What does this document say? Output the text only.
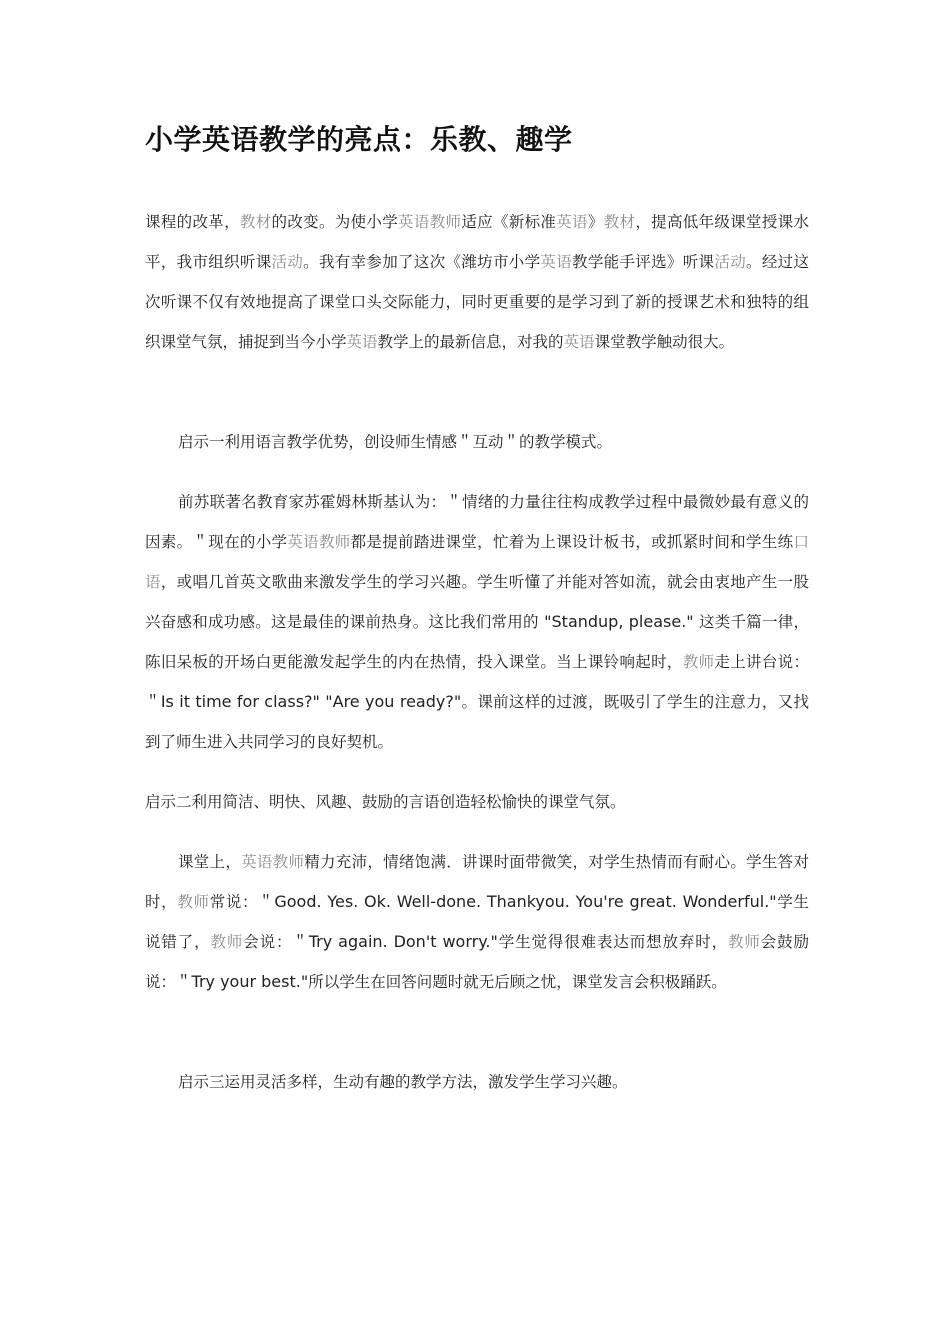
小学英语教学的亮点：乐教、趣学

课程的改革，教材的改变。为使小学英语教师适应《新标准英语》教材，提高低年级课堂授课水平，我市组织听课活动。我有幸参加了这次《潍坊市小学英语教学能手评选》听课活动。经过这次听课不仅有效地提高了课堂口头交际能力，同时更重要的是学习到了新的授课艺术和独特的组织课堂气氛，捕捉到当今小学英语教学上的最新信息，对我的英语课堂教学触动很大。

启示一利用语言教学优势，创设师生情感＂互动＂的教学模式。

前苏联著名教育家苏霍姆林斯基认为：＂情绪的力量往往构成教学过程中最微妙最有意义的因素。＂现在的小学英语教师都是提前踏进课堂，忙着为上课设计板书，或抓紧时间和学生练口语，或唱几首英文歌曲来激发学生的学习兴趣。学生听懂了并能对答如流，就会由衷地产生一股兴奋感和成功感。这是最佳的课前热身。这比我们常用的 "Standup, please." 这类千篇一律，陈旧呆板的开场白更能激发起学生的内在热情，投入课堂。当上课铃响起时，教师走上讲台说：＂Is it time for class?" "Are you ready?"。课前这样的过渡，既吸引了学生的注意力，又找到了师生进入共同学习的良好契机。

启示二利用简洁、明快、风趣、鼓励的言语创造轻松愉快的课堂气氛。

课堂上，英语教师精力充沛，情绪饱满．讲课时面带微笑，对学生热情而有耐心。学生答对时，教师常说：＂Good. Yes. Ok. Well-done. Thankyou. You're great. Wonderful."学生说错了，教师会说：＂Try again. Don't worry."学生觉得很难表达而想放弃时，教师会鼓励说：＂Try your best."所以学生在回答问题时就无后顾之忧，课堂发言会积极踊跃。

启示三运用灵活多样，生动有趣的教学方法，激发学生学习兴趣。
